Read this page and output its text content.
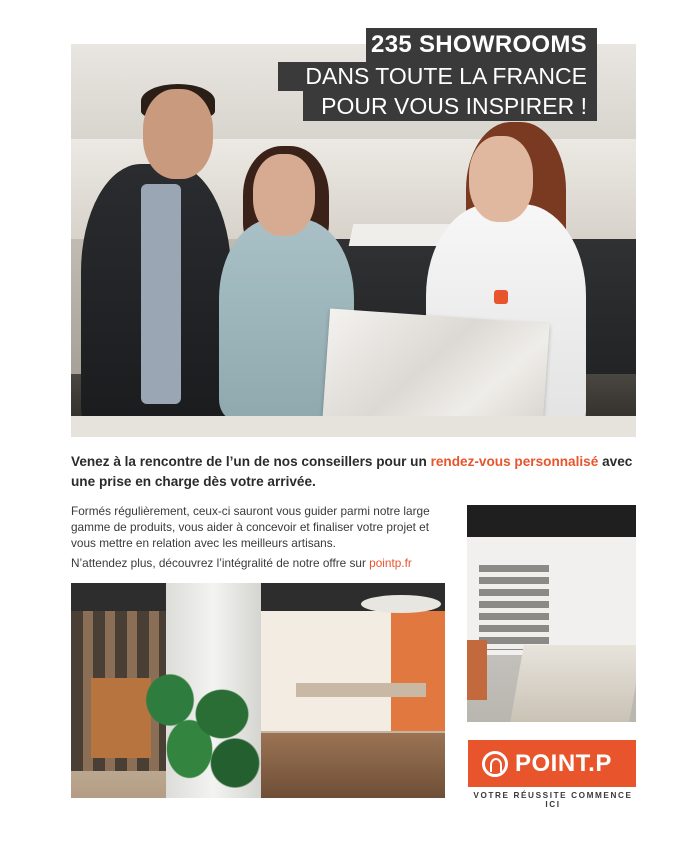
235 SHOWROOMS
DANS TOUTE LA FRANCE
POUR VOUS INSPIRER !
Venez à la rencontre de l’un de nos conseillers pour un rendez-vous personnalisé avec une prise en charge dès votre arrivée.

Formés régulièrement, ceux-ci sauront vous guider parmi notre large gamme de produits, vous aider à concevoir et finaliser votre projet et vous mettre en relation avec les meilleurs artisans.

N’attendez plus, découvrez l’intégralité de notre offre sur pointp.fr

POINT.P
VOTRE RÉUSSITE COMMENCE ICI
